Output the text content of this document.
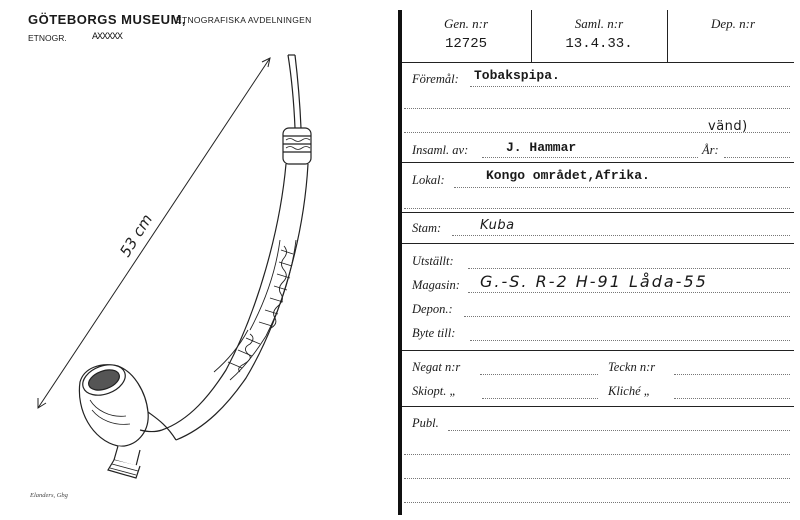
GÖTEBORGS MUSEUM,
ETNOGRAFISKA AVDELNINGEN
ETNOGR.	AXXXXX
53 cm
Elanders, Gbg
Gen. n:r
12725
Saml. n:r
13.4.33.
Dep. n:r
Föremål: Tobakspipa.
vänd)
Insaml. av:	J. Hammar	År:
Lokal:	Kongo området,Afrika.
Stam:	Kuba
Utställt:
Magasin: G.-S. R-2 H-91 Låda-55
Depon.:
Byte till:
Negat n:r	Teckn n:r
Skiopt. „	Kliché „
Publ.
